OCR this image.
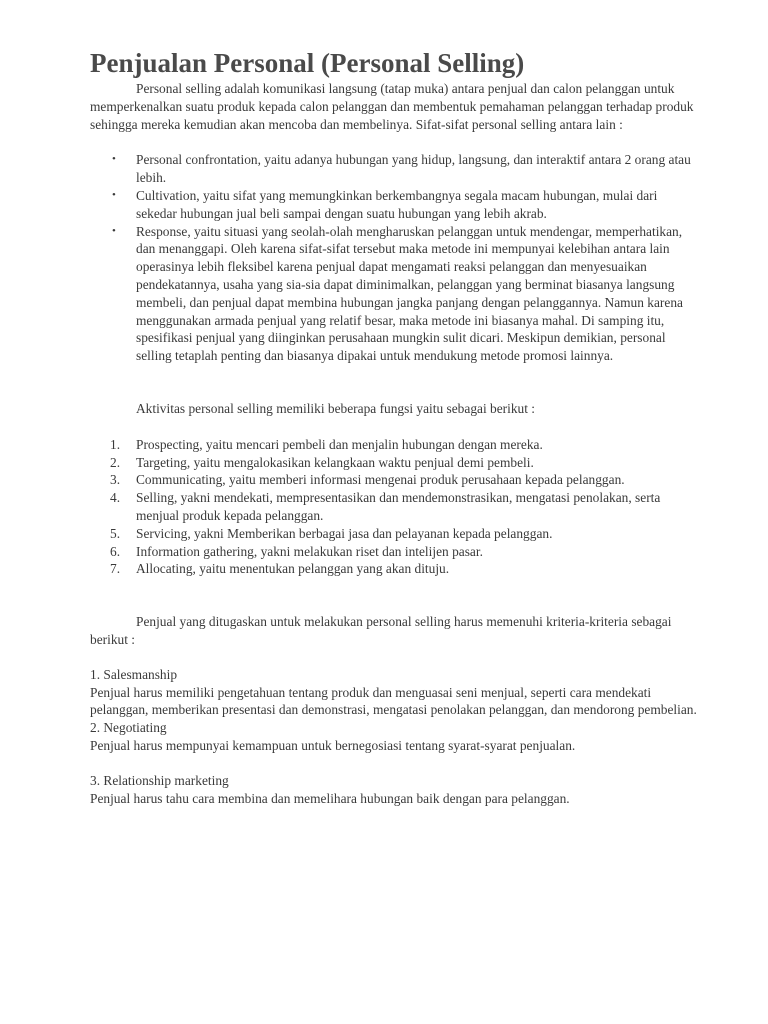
Penjualan Personal (Personal Selling)

Personal selling adalah komunikasi langsung (tatap muka) antara penjual dan calon pelanggan untuk memperkenalkan suatu produk kepada calon pelanggan dan membentuk pemahaman pelanggan terhadap produk sehingga mereka kemudian akan mencoba dan membelinya. Sifat-sifat personal selling antara lain :

• Personal confrontation, yaitu adanya hubungan yang hidup, langsung, dan interaktif antara 2 orang atau lebih.
• Cultivation, yaitu sifat yang memungkinkan berkembangnya segala macam hubungan, mulai dari sekedar hubungan jual beli sampai dengan suatu hubungan yang lebih akrab.
• Response, yaitu situasi yang seolah-olah mengharuskan pelanggan untuk mendengar, memperhatikan, dan menanggapi. Oleh karena sifat-sifat tersebut maka metode ini mempunyai kelebihan antara lain operasinya lebih fleksibel karena penjual dapat mengamati reaksi pelanggan dan menyesuaikan pendekatannya, usaha yang sia-sia dapat diminimalkan, pelanggan yang berminat biasanya langsung membeli, dan penjual dapat membina hubungan jangka panjang dengan pelanggannya. Namun karena menggunakan armada penjual yang relatif besar, maka metode ini biasanya mahal. Di samping itu, spesifikasi penjual yang diinginkan perusahaan mungkin sulit dicari. Meskipun demikian, personal selling tetaplah penting dan biasanya dipakai untuk mendukung metode promosi lainnya.

Aktivitas personal selling memiliki beberapa fungsi yaitu sebagai berikut :

1. Prospecting, yaitu mencari pembeli dan menjalin hubungan dengan mereka.
2. Targeting, yaitu mengalokasikan kelangkaan waktu penjual demi pembeli.
3. Communicating, yaitu memberi informasi mengenai produk perusahaan kepada pelanggan.
4. Selling, yakni mendekati, mempresentasikan dan mendemonstrasikan, mengatasi penolakan, serta menjual produk kepada pelanggan.
5. Servicing, yakni Memberikan berbagai jasa dan pelayanan kepada pelanggan.
6. Information gathering, yakni melakukan riset dan intelijen pasar.
7. Allocating, yaitu menentukan pelanggan yang akan dituju.

Penjual yang ditugaskan untuk melakukan personal selling harus memenuhi kriteria-kriteria sebagai berikut :

1. Salesmanship

Penjual harus memiliki pengetahuan tentang produk dan menguasai seni menjual, seperti cara mendekati pelanggan, memberikan presentasi dan demonstrasi, mengatasi penolakan pelanggan, dan mendorong pembelian.

2. Negotiating

Penjual harus mempunyai kemampuan untuk bernegosiasi tentang syarat-syarat penjualan.

3. Relationship marketing

Penjual harus tahu cara membina dan memelihara hubungan baik dengan para pelanggan.
